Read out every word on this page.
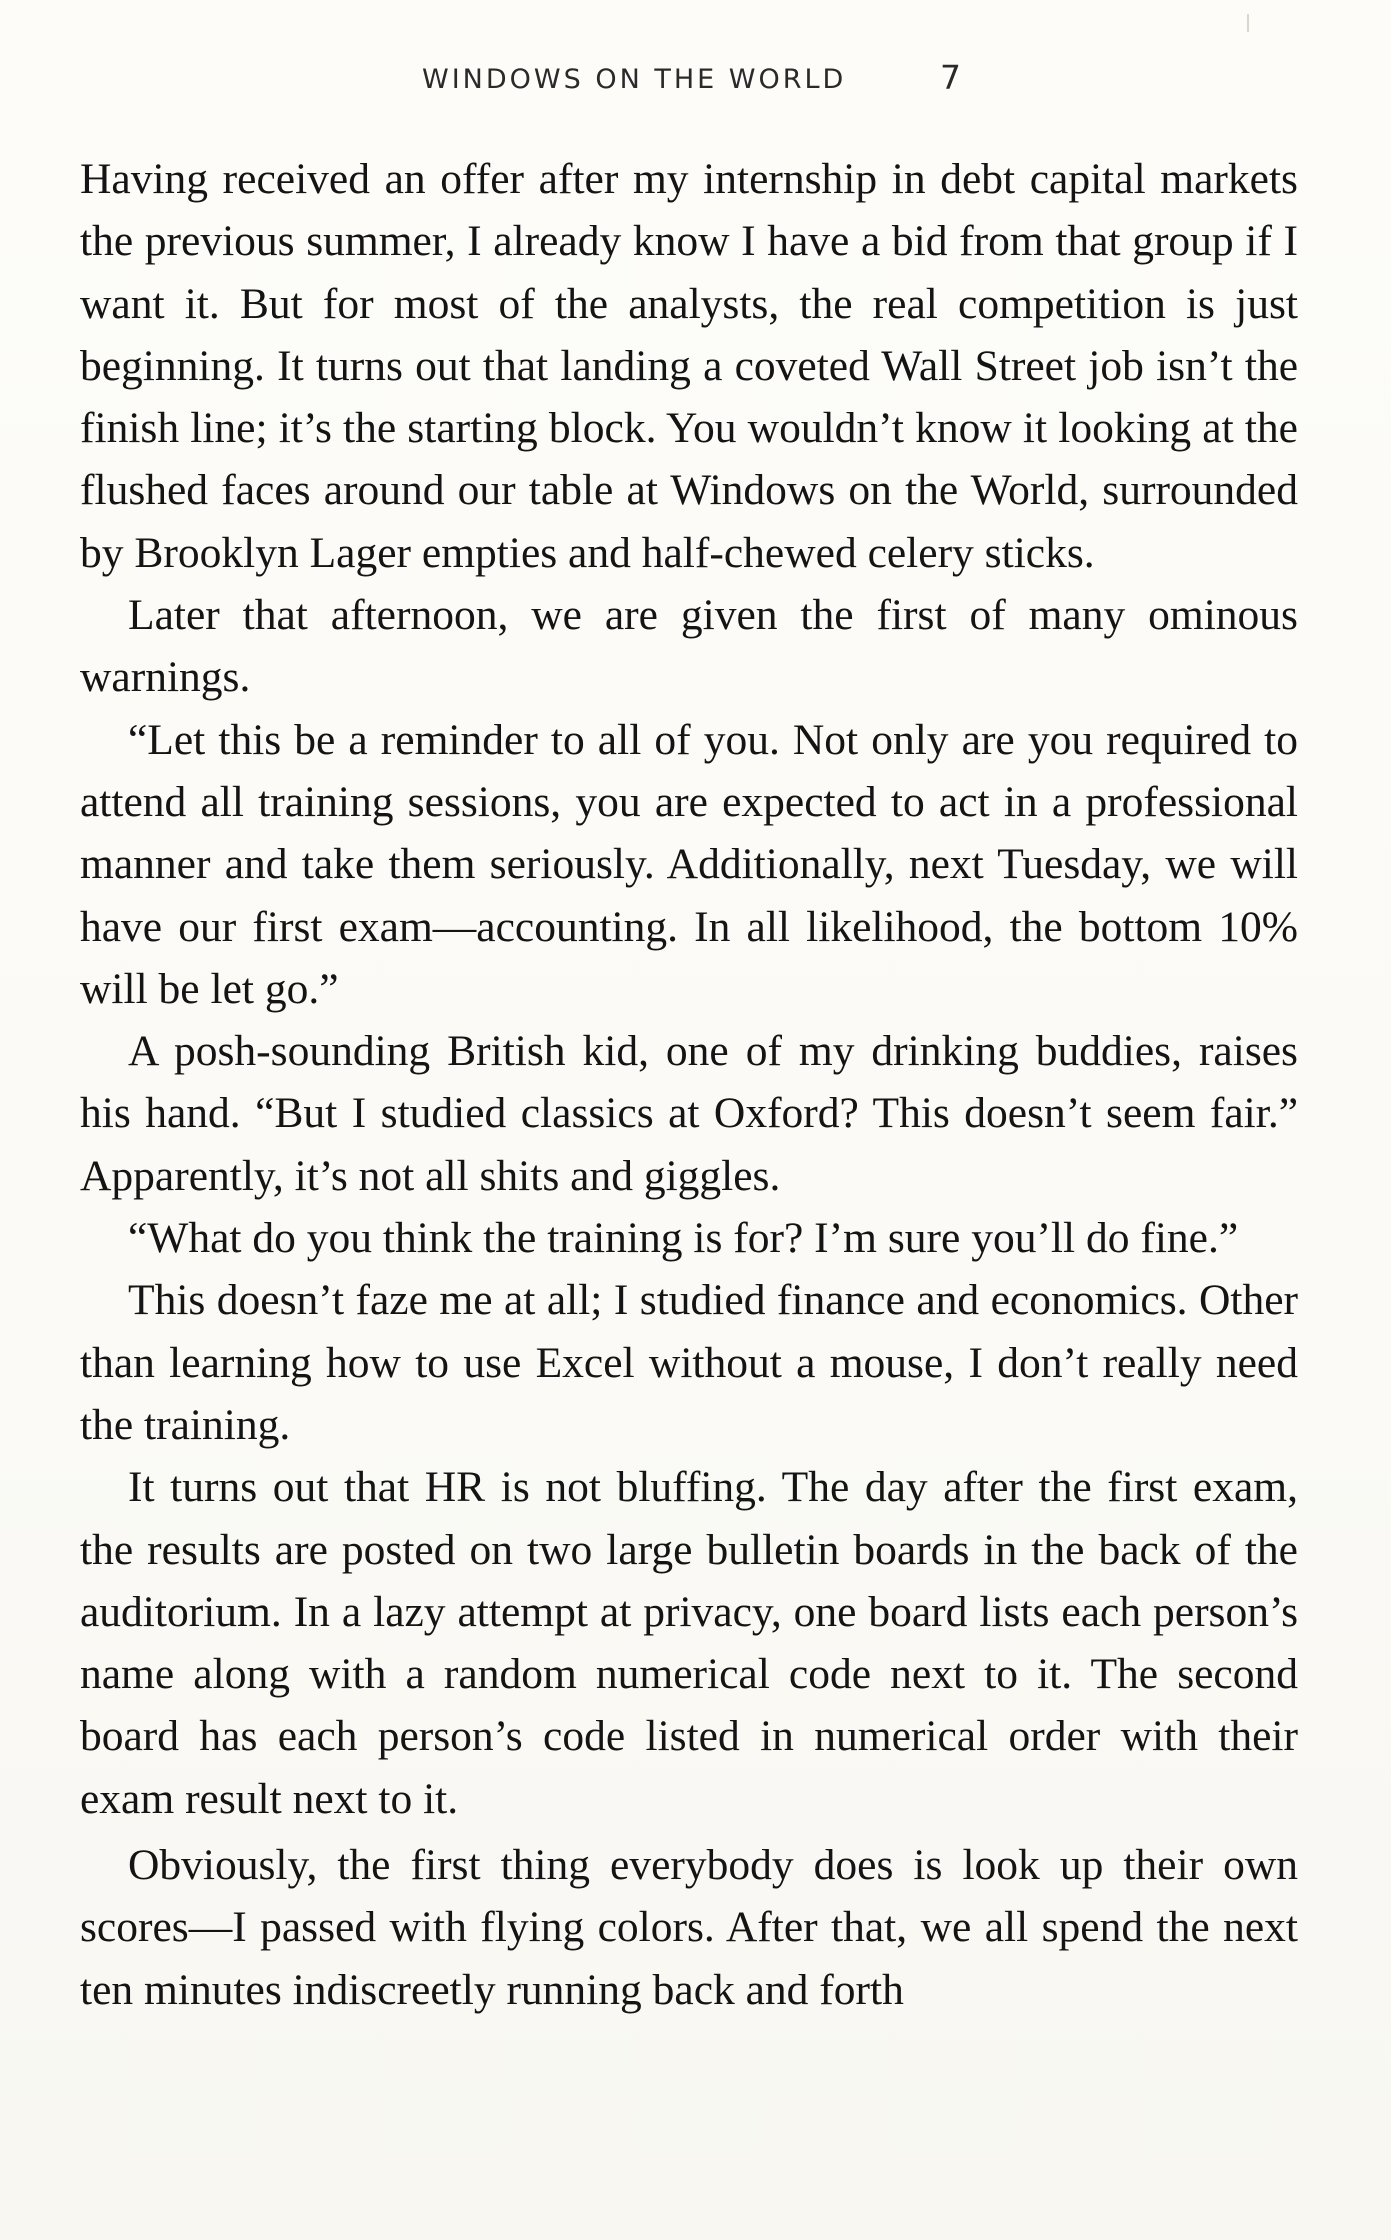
WINDOWS ON THE WORLD	7

Having received an offer after my internship in debt capital markets the previous summer, I already know I have a bid from that group if I want it. But for most of the analysts, the real competition is just beginning. It turns out that landing a coveted Wall Street job isn’t the finish line; it’s the starting block. You wouldn’t know it looking at the flushed faces around our table at Windows on the World, surrounded by Brooklyn Lager empties and half-chewed celery sticks.

Later that afternoon, we are given the first of many ominous warnings.

“Let this be a reminder to all of you. Not only are you required to attend all training sessions, you are expected to act in a professional manner and take them seriously. Additionally, next Tuesday, we will have our first exam—accounting. In all likelihood, the bottom 10% will be let go.”

A posh-sounding British kid, one of my drinking buddies, raises his hand. “But I studied classics at Oxford? This doesn’t seem fair.” Apparently, it’s not all shits and giggles.

“What do you think the training is for? I’m sure you’ll do fine.”

This doesn’t faze me at all; I studied finance and economics. Other than learning how to use Excel without a mouse, I don’t really need the training.

It turns out that HR is not bluffing. The day after the first exam, the results are posted on two large bulletin boards in the back of the auditorium. In a lazy attempt at privacy, one board lists each person’s name along with a random numerical code next to it. The second board has each person’s code listed in numerical order with their exam result next to it.

Obviously, the first thing everybody does is look up their own scores—I passed with flying colors. After that, we all spend the next ten minutes indiscreetly running back and forth
